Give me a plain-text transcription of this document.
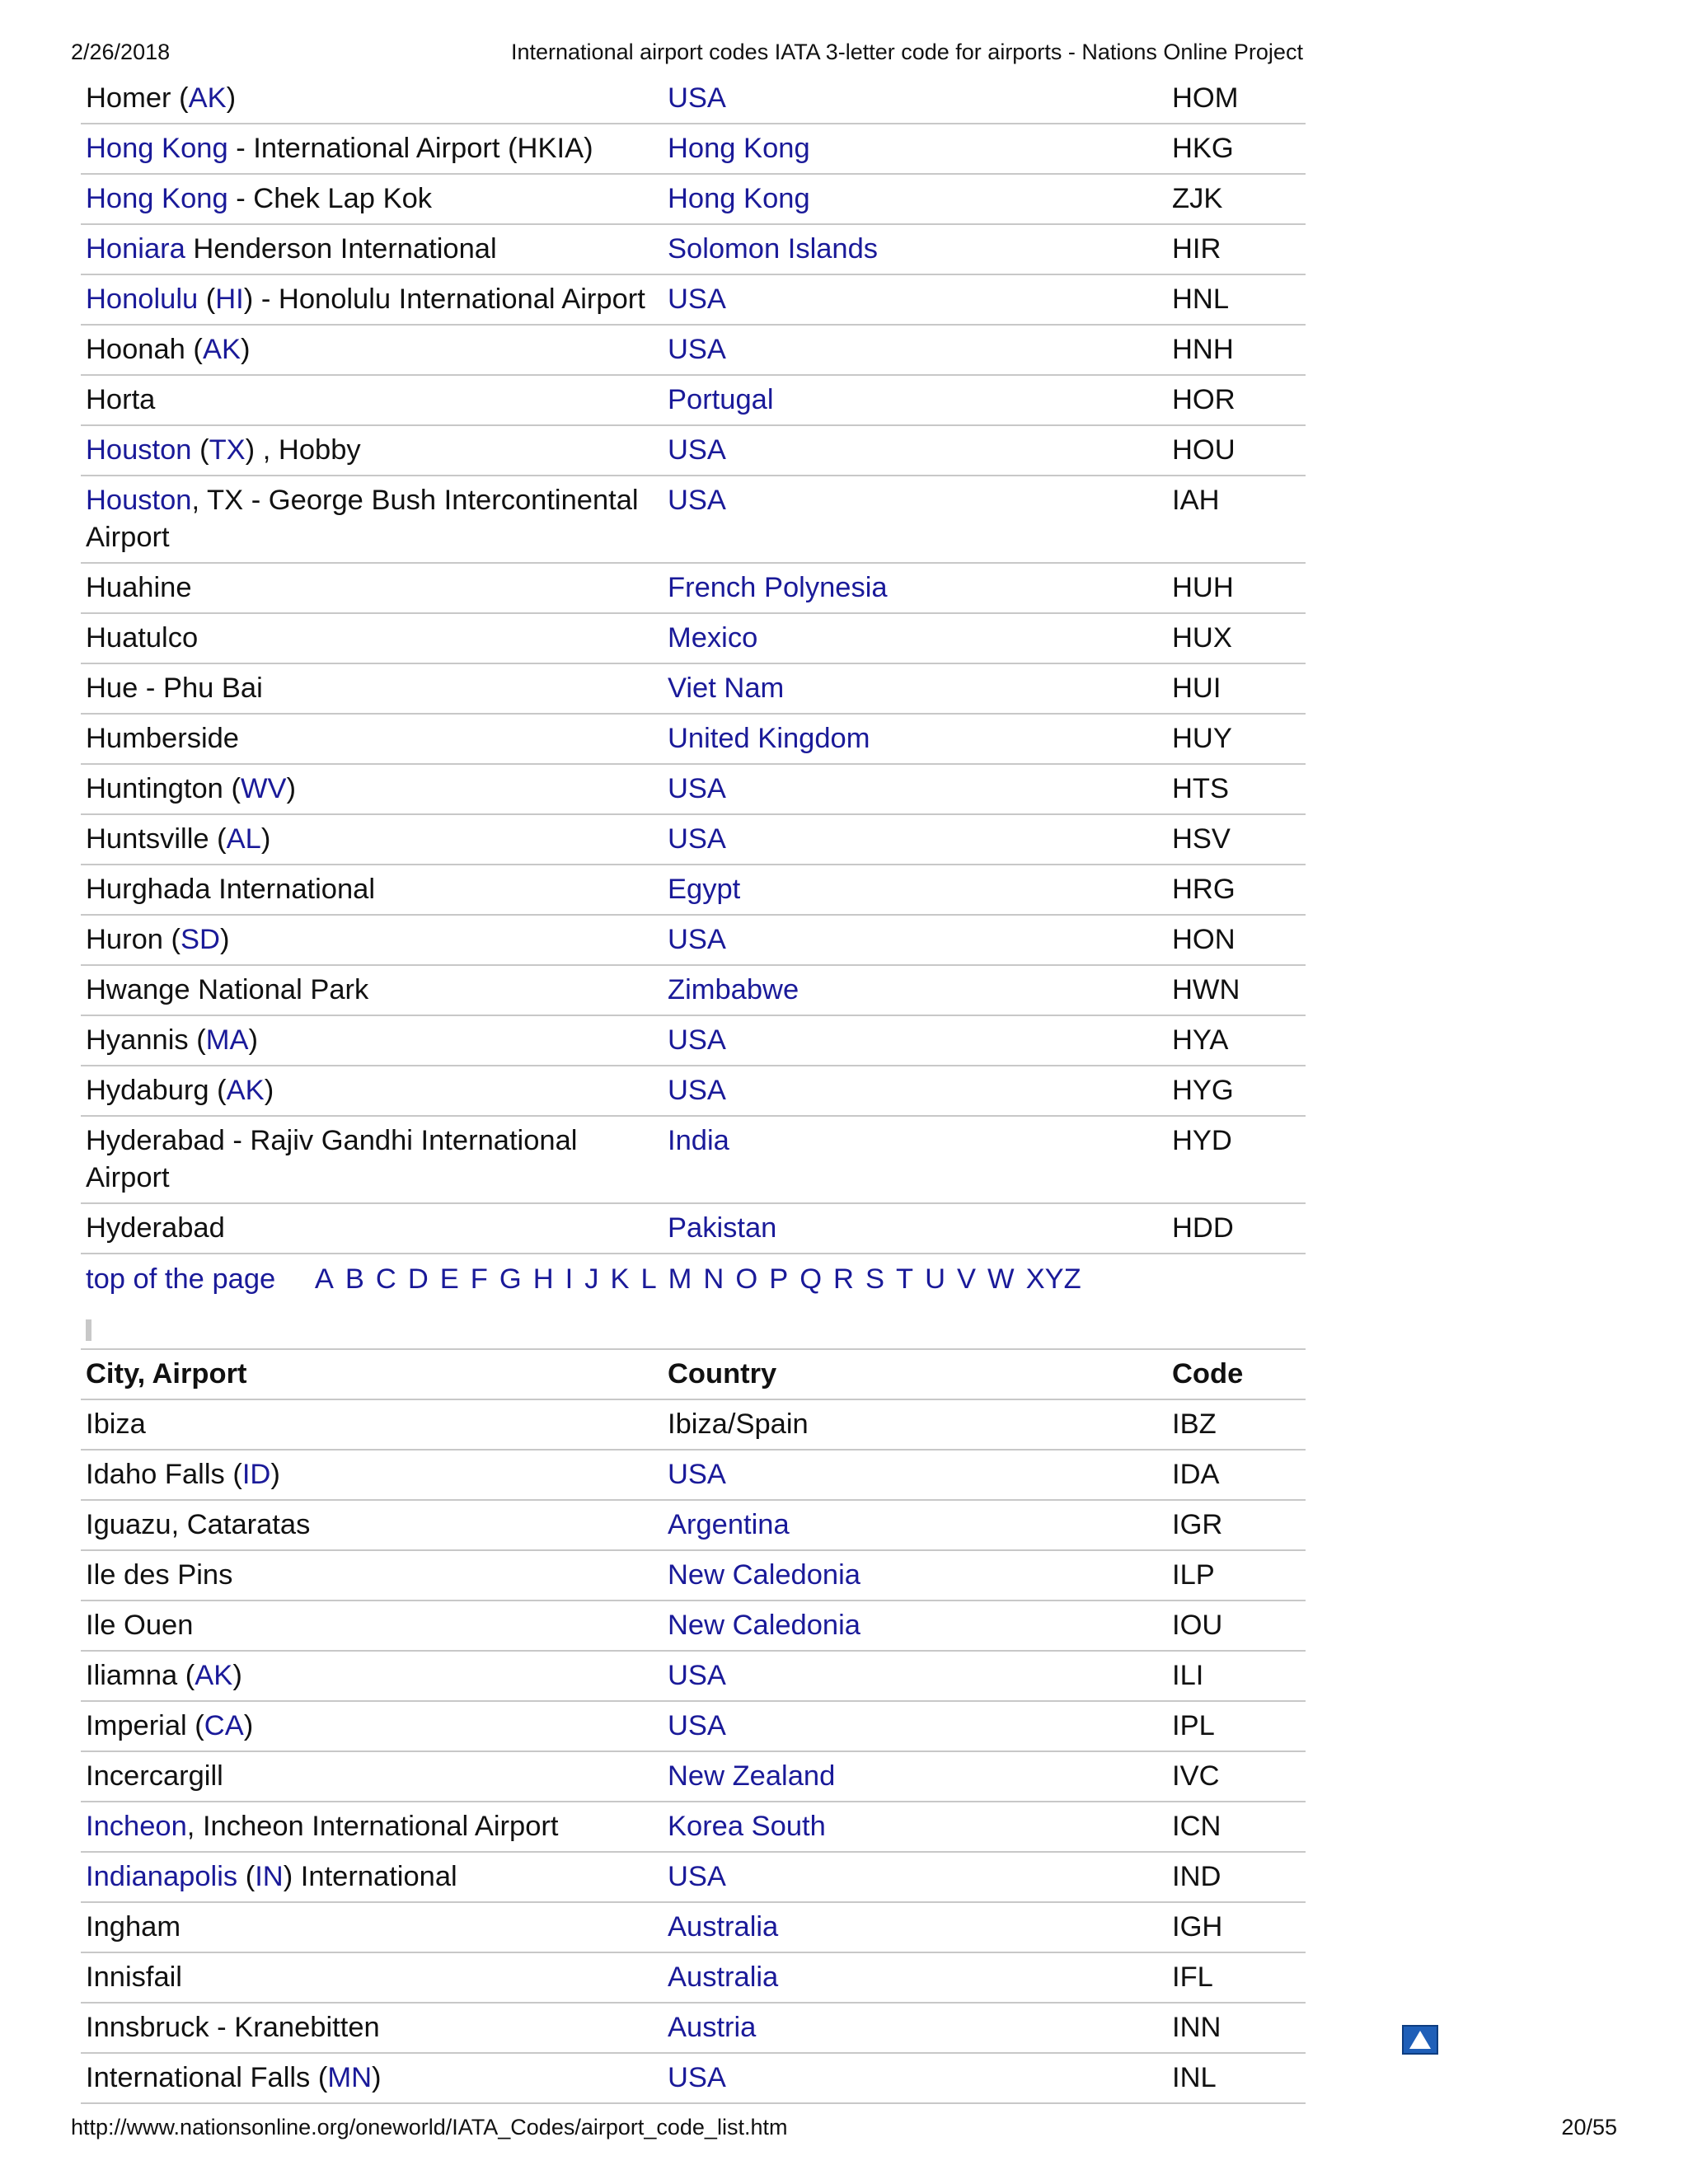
2/26/2018	International airport codes IATA 3-letter code for airports - Nations Online Project
Homer (AK)	USA	HOM
Hong Kong - International Airport (HKIA)	Hong Kong	HKG
Hong Kong - Chek Lap Kok	Hong Kong	ZJK
Honiara Henderson International	Solomon Islands	HIR
Honolulu (HI) - Honolulu International Airport	USA	HNL
Hoonah (AK)	USA	HNH
Horta	Portugal	HOR
Houston (TX) , Hobby	USA	HOU
Houston, TX - George Bush Intercontinental Airport	USA	IAH
Huahine	French Polynesia	HUH
Huatulco	Mexico	HUX
Hue - Phu Bai	Viet Nam	HUI
Humberside	United Kingdom	HUY
Huntington (WV)	USA	HTS
Huntsville (AL)	USA	HSV
Hurghada International	Egypt	HRG
Huron (SD)	USA	HON
Hwange National Park	Zimbabwe	HWN
Hyannis (MA)	USA	HYA
Hydaburg (AK)	USA	HYG
Hyderabad - Rajiv Gandhi International Airport	India	HYD
Hyderabad	Pakistan	HDD
top of the page A B C D E F G H I J K L M N O P Q R S T U V W XYZ		

City, Airport	Country	Code
Ibiza	Ibiza/Spain	IBZ
Idaho Falls (ID)	USA	IDA
Iguazu, Cataratas	Argentina	IGR
Ile des Pins	New Caledonia	ILP
Ile Ouen	New Caledonia	IOU
Iliamna (AK)	USA	ILI
Imperial (CA)	USA	IPL
Incercargill	New Zealand	IVC
Incheon, Incheon International Airport	Korea South	ICN
Indianapolis (IN) International	USA	IND
Ingham	Australia	IGH
Innisfail	Australia	IFL
Innsbruck - Kranebitten	Austria	INN
International Falls (MN)	USA	INL
http://www.nationsonline.org/oneworld/IATA_Codes/airport_code_list.htm	20/55
